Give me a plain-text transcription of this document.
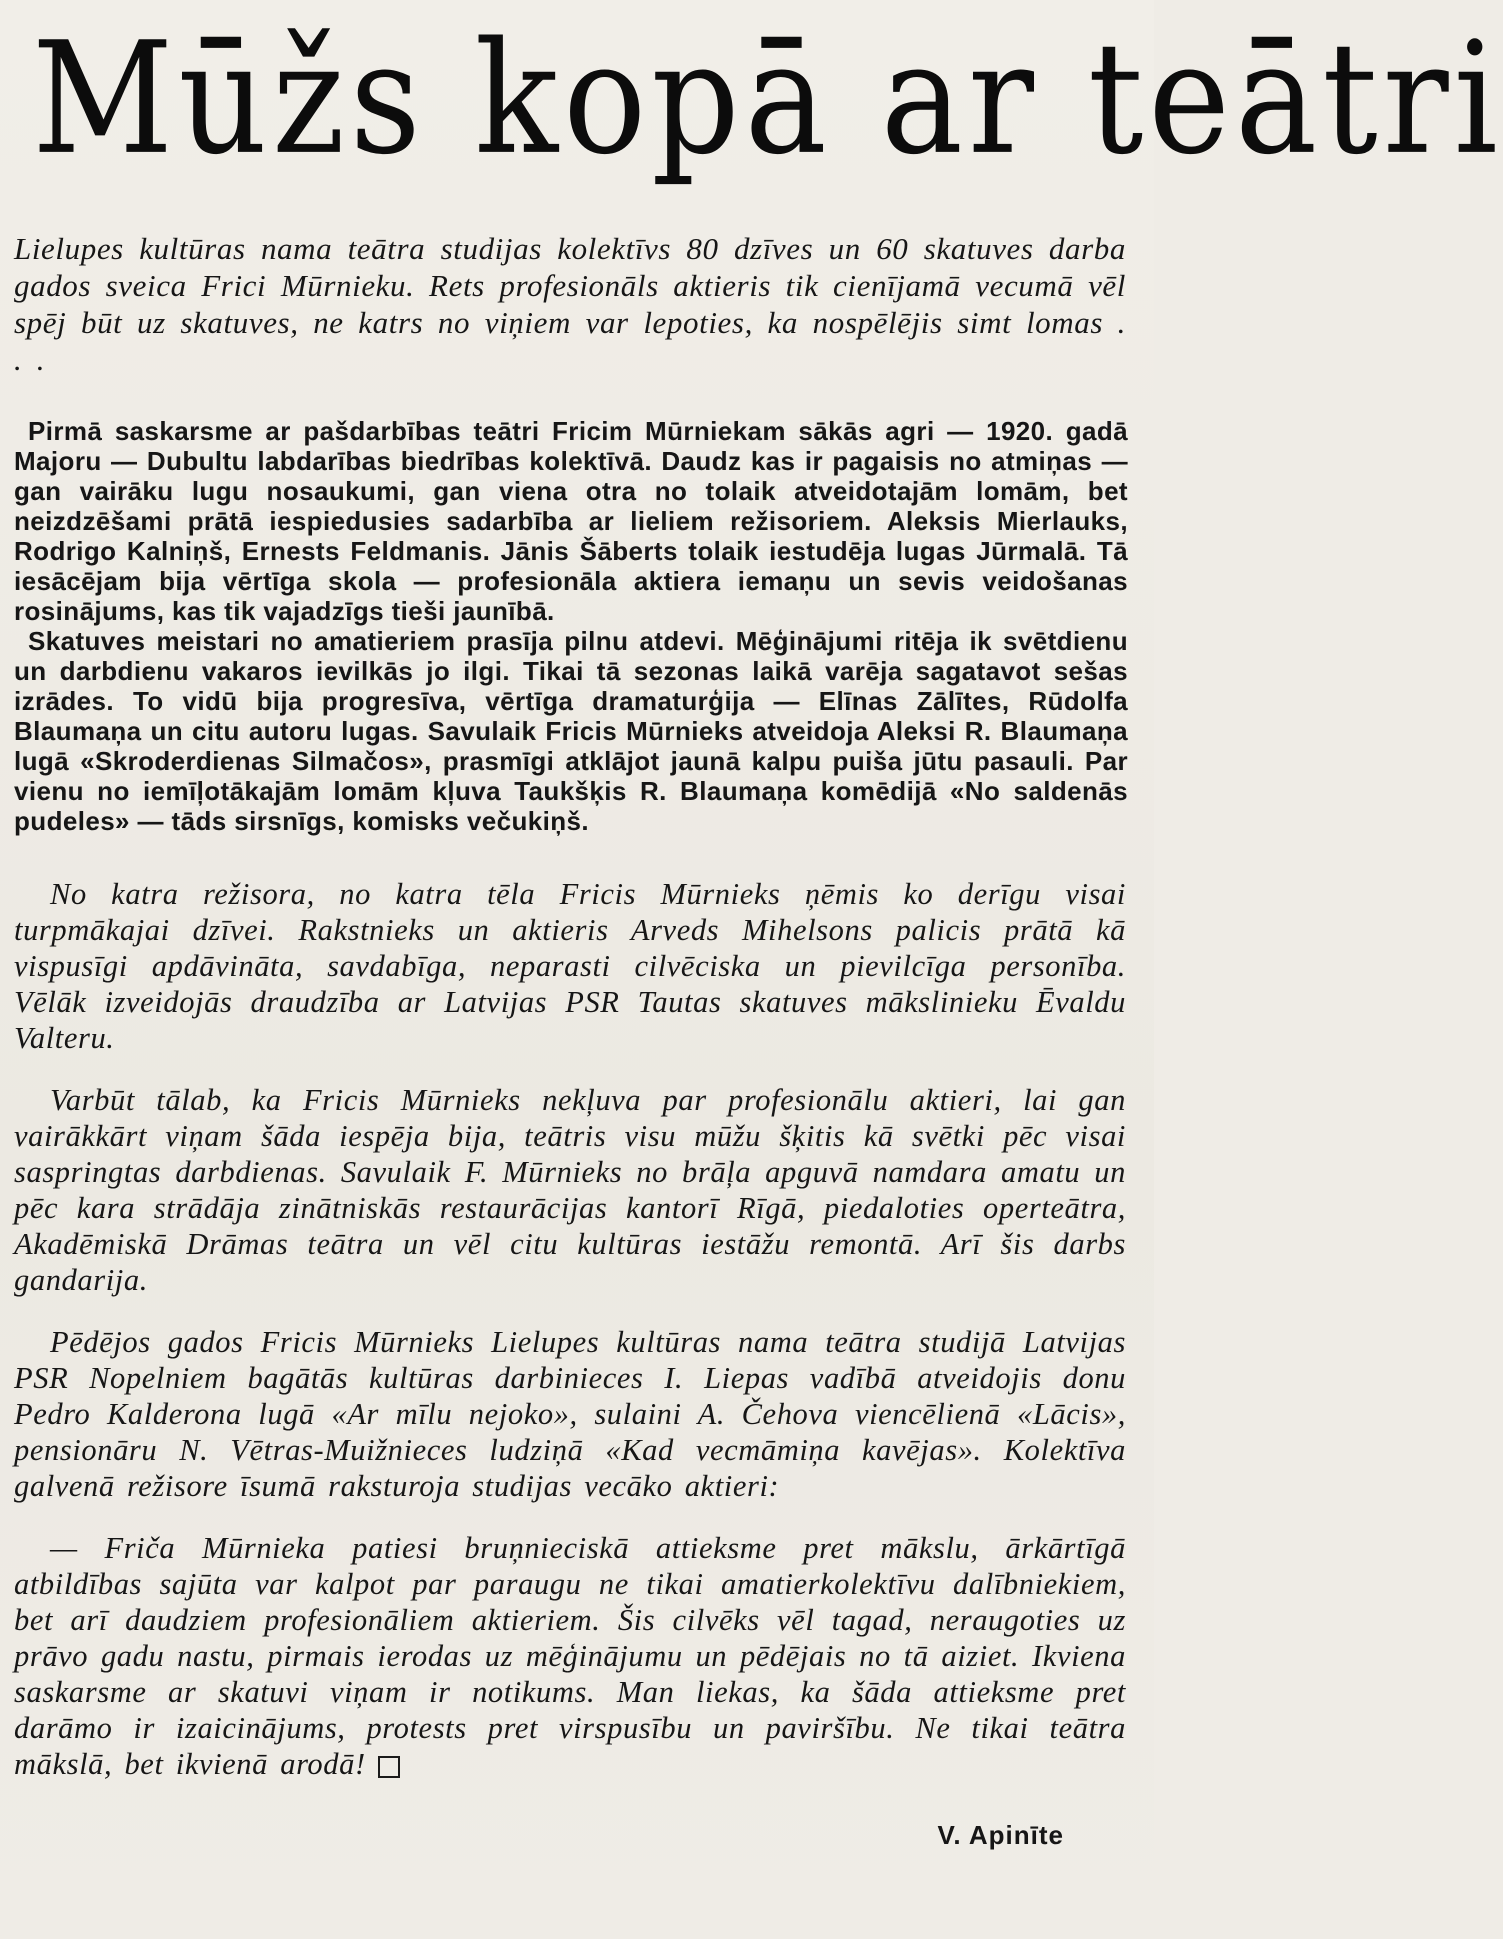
Mūžs kopā ar teātri

Lielupes kultūras nama teātra studijas kolektīvs 80 dzīves un 60 skatuves darba gados sveica Frici Mūrnieku. Rets profesionāls aktieris tik cienījamā vecumā vēl spēj būt uz skatuves, ne katrs no viņiem var lepoties, ka nospēlējis simt lomas . . .

Pirmā saskarsme ar pašdarbības teātri Fricim Mūrniekam sākās agri — 1920. gadā Majoru — Dubultu labdarības biedrības kolektīvā. Daudz kas ir pagaisis no atmiņas — gan vairāku lugu nosaukumi, gan viena otra no tolaik atveidotajām lomām, bet neizdzēšami prātā iespiedusies sadarbība ar lieliem režisoriem. Aleksis Mierlauks, Rodrigo Kalniņš, Ernests Feldmanis. Jānis Šāberts tolaik iestudēja lugas Jūrmalā. Tā iesācējam bija vērtīga skola — profesionāla aktiera iemaņu un sevis veidošanas rosinājums, kas tik vajadzīgs tieši jaunībā.

Skatuves meistari no amatieriem prasīja pilnu atdevi. Mēģinājumi ritēja ik svētdienu un darbdienu vakaros ievilkās jo ilgi. Tikai tā sezonas laikā varēja sagatavot sešas izrādes. To vidū bija progresīva, vērtīga dramaturģija — Elīnas Zālītes, Rūdolfa Blaumaņa un citu autoru lugas. Savulaik Fricis Mūrnieks atveidoja Aleksi R. Blaumaņa lugā «Skroderdienas Silmačos», prasmīgi atklājot jaunā kalpu puiša jūtu pasauli. Par vienu no iemīļotākajām lomām kļuva Taukšķis R. Blaumaņa komēdijā «No saldenās pudeles» — tāds sirsnīgs, komisks večukiņš.

No katra režisora, no katra tēla Fricis Mūrnieks ņēmis ko derīgu visai turpmākajai dzīvei. Rakstnieks un aktieris Arveds Mihelsons palicis prātā kā vispusīgi apdāvināta, savdabīga, neparasti cilvēciska un pievilcīga personība. Vēlāk izveidojās draudzība ar Latvijas PSR Tautas skatuves mākslinieku Ēvaldu Valteru.

Varbūt tālab, ka Fricis Mūrnieks nekļuva par profesionālu aktieri, lai gan vairākkārt viņam šāda iespēja bija, teātris visu mūžu šķitis kā svētki pēc visai saspringtas darbdienas. Savulaik F. Mūrnieks no brāļa apguvā namdara amatu un pēc kara strādāja zinātniskās restaurācijas kantorī Rīgā, piedaloties operteātra, Akadēmiskā Drāmas teātra un vēl citu kultūras iestāžu remontā. Arī šis darbs gandarija.

Pēdējos gados Fricis Mūrnieks Lielupes kultūras nama teātra studijā Latvijas PSR Nopelniem bagātās kultūras darbinieces I. Liepas vadībā atveidojis donu Pedro Kalderona lugā «Ar mīlu nejoko», sulaini A. Čehova viencēlienā «Lācis», pensionāru N. Vētras-Muižnieces ludziņā «Kad vecmāmiņa kavējas». Kolektīva galvenā režisore īsumā raksturoja studijas vecāko aktieri:

— Friča Mūrnieka patiesi bruņnieciskā attieksme pret mākslu, ārkārtīgā atbildības sajūta var kalpot par paraugu ne tikai amatierkolektīvu dalībniekiem, bet arī daudziem profesionāliem aktieriem. Šis cilvēks vēl tagad, neraugoties uz prāvo gadu nastu, pirmais ierodas uz mēģinājumu un pēdējais no tā aiziet. Ikviena saskarsme ar skatuvi viņam ir notikums. Man liekas, ka šāda attieksme pret darāmo ir izaicinājums, protests pret virspusību un paviršību. Ne tikai teātra mākslā, bet ikvienā arodā!

V. Apinīte
